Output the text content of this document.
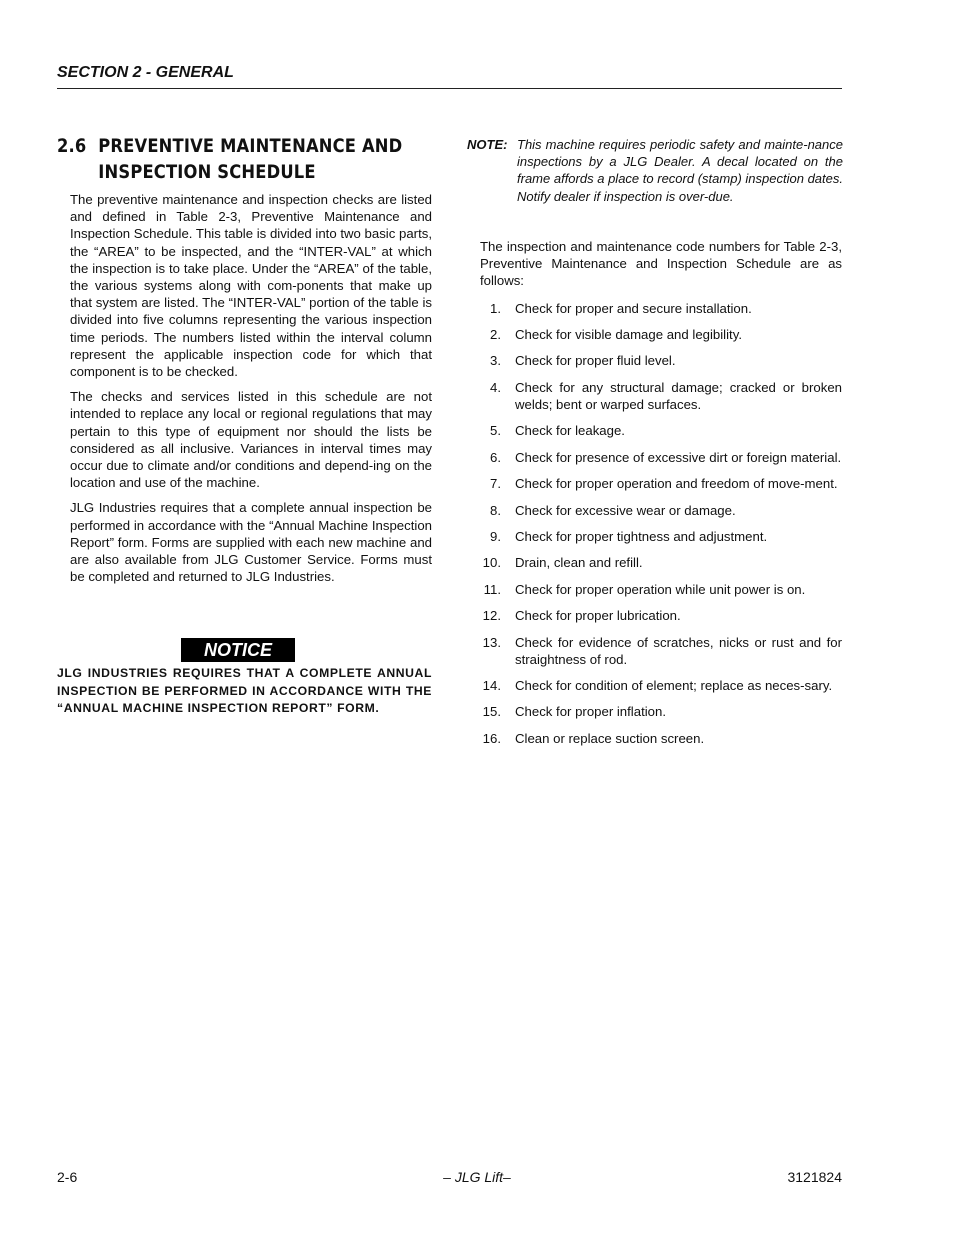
SECTION 2 - GENERAL
2.6 PREVENTIVE MAINTENANCE AND
INSPECTION SCHEDULE

The preventive maintenance and inspection checks are listed and defined in Table 2-3, Preventive Maintenance and Inspection Schedule. This table is divided into two basic parts, the “AREA” to be inspected, and the “INTER-VAL” at which the inspection is to take place. Under the “AREA” of the table, the various systems along with com-ponents that make up that system are listed. The “INTER-VAL” portion of the table is divided into five columns representing the various inspection time periods. The numbers listed within the interval column represent the applicable inspection code for which that component is to be checked.

The checks and services listed in this schedule are not intended to replace any local or regional regulations that may pertain to this type of equipment nor should the lists be considered as all inclusive. Variances in interval times may occur due to climate and/or conditions and depend-ing on the location and use of the machine.

JLG Industries requires that a complete annual inspection be performed in accordance with the “Annual Machine Inspection Report” form. Forms are supplied with each new machine and are also available from JLG Customer Service. Forms must be completed and returned to JLG Industries.

NOTICE
JLG INDUSTRIES REQUIRES THAT A COMPLETE ANNUAL INSPECTION BE PERFORMED IN ACCORDANCE WITH THE “ANNUAL MACHINE INSPECTION REPORT” FORM.
NOTE: This machine requires periodic safety and mainte-nance inspections by a JLG Dealer. A decal located on the frame affords a place to record (stamp) inspection dates. Notify dealer if inspection is over-due.

The inspection and maintenance code numbers for Table 2-3, Preventive Maintenance and Inspection Schedule are as follows:

1. Check for proper and secure installation.
2. Check for visible damage and legibility.
3. Check for proper fluid level.
4. Check for any structural damage; cracked or broken welds; bent or warped surfaces.
5. Check for leakage.
6. Check for presence of excessive dirt or foreign material.
7. Check for proper operation and freedom of move-ment.
8. Check for excessive wear or damage.
9. Check for proper tightness and adjustment.
10. Drain, clean and refill.
11. Check for proper operation while unit power is on.
12. Check for proper lubrication.
13. Check for evidence of scratches, nicks or rust and for straightness of rod.
14. Check for condition of element; replace as neces-sary.
15. Check for proper inflation.
16. Clean or replace suction screen.
2-6	– JLG Lift–	3121824
